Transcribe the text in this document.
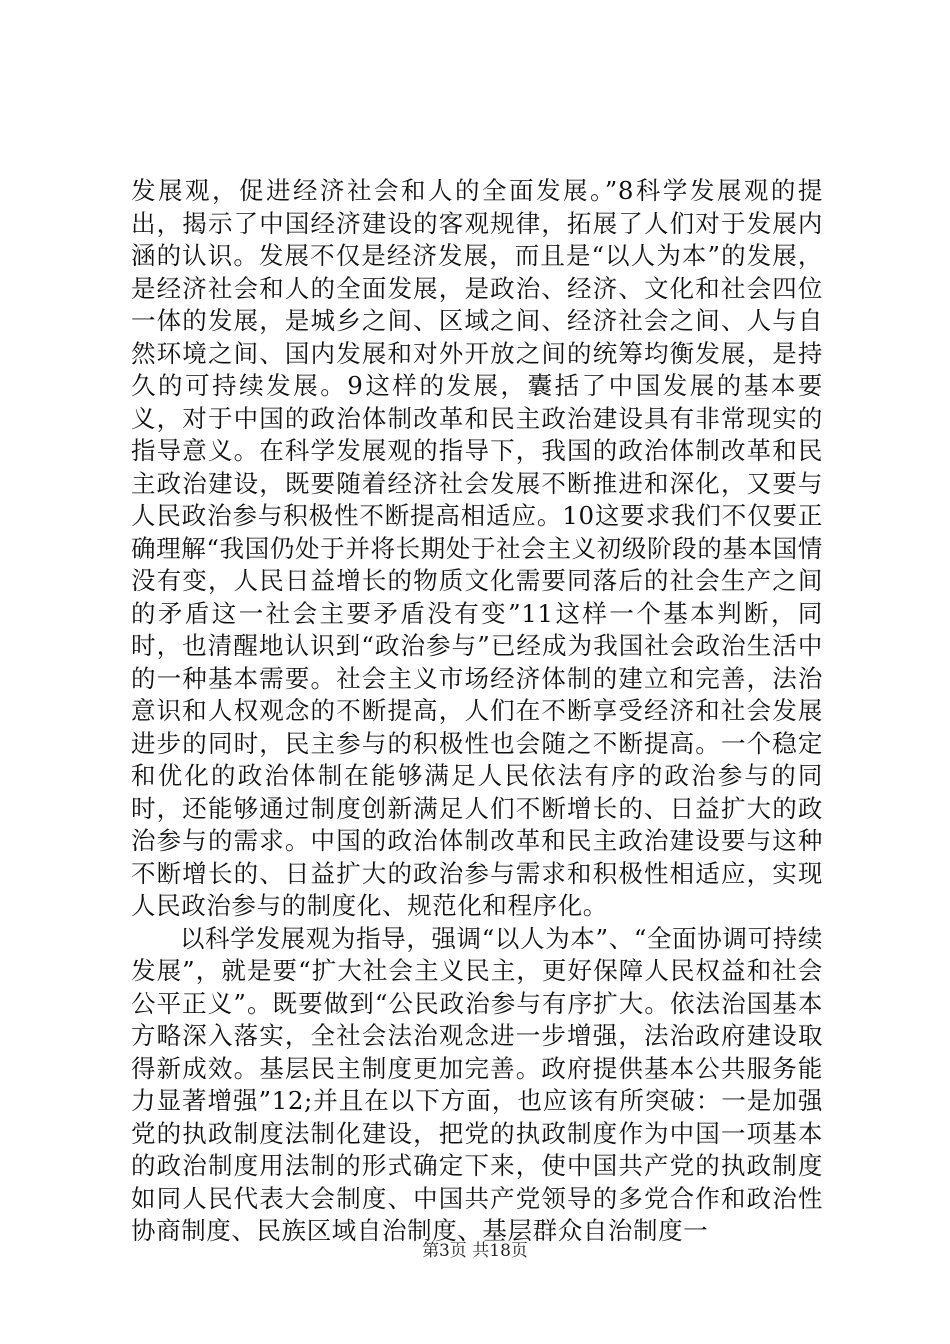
发展观，促进经济社会和人的全面发展。”8科学发展观的提出，揭示了中国经济建设的客观规律，拓展了人们对于发展内涵的认识。发展不仅是经济发展，而且是“以人为本”的发展，是经济社会和人的全面发展，是政治、经济、文化和社会四位一体的发展，是城乡之间、区域之间、经济社会之间、人与自然环境之间、国内发展和对外开放之间的统筹均衡发展，是持久的可持续发展。9这样的发展，囊括了中国发展的基本要义，对于中国的政治体制改革和民主政治建设具有非常现实的指导意义。在科学发展观的指导下，我国的政治体制改革和民主政治建设，既要随着经济社会发展不断推进和深化，又要与人民政治参与积极性不断提高相适应。10这要求我们不仅要正确理解“我国仍处于并将长期处于社会主义初级阶段的基本国情没有变，人民日益增长的物质文化需要同落后的社会生产之间的矛盾这一社会主要矛盾没有变”11这样一个基本判断，同时，也清醒地认识到“政治参与”已经成为我国社会政治生活中的一种基本需要。社会主义市场经济体制的建立和完善，法治意识和人权观念的不断提高，人们在不断享受经济和社会发展进步的同时，民主参与的积极性也会随之不断提高。一个稳定和优化的政治体制在能够满足人民依法有序的政治参与的同时，还能够通过制度创新满足人们不断增长的、日益扩大的政治参与的需求。中国的政治体制改革和民主政治建设要与这种不断增长的、日益扩大的政治参与需求和积极性相适应，实现人民政治参与的制度化、规范化和程序化。

以科学发展观为指导，强调“以人为本”、“全面协调可持续发展”，就是要“扩大社会主义民主，更好保障人民权益和社会公平正义”。既要做到“公民政治参与有序扩大。依法治国基本方略深入落实，全社会法治观念进一步增强，法治政府建设取得新成效。基层民主制度更加完善。政府提供基本公共服务能力显著增强”12;并且在以下方面，也应该有所突破：一是加强党的执政制度法制化建设，把党的执政制度作为中国一项基本的政治制度用法制的形式确定下来，使中国共产党的执政制度如同人民代表大会制度、中国共产党领导的多党合作和政治性协商制度、民族区域自治制度、基层群众自治制度一

第3页 共18页
